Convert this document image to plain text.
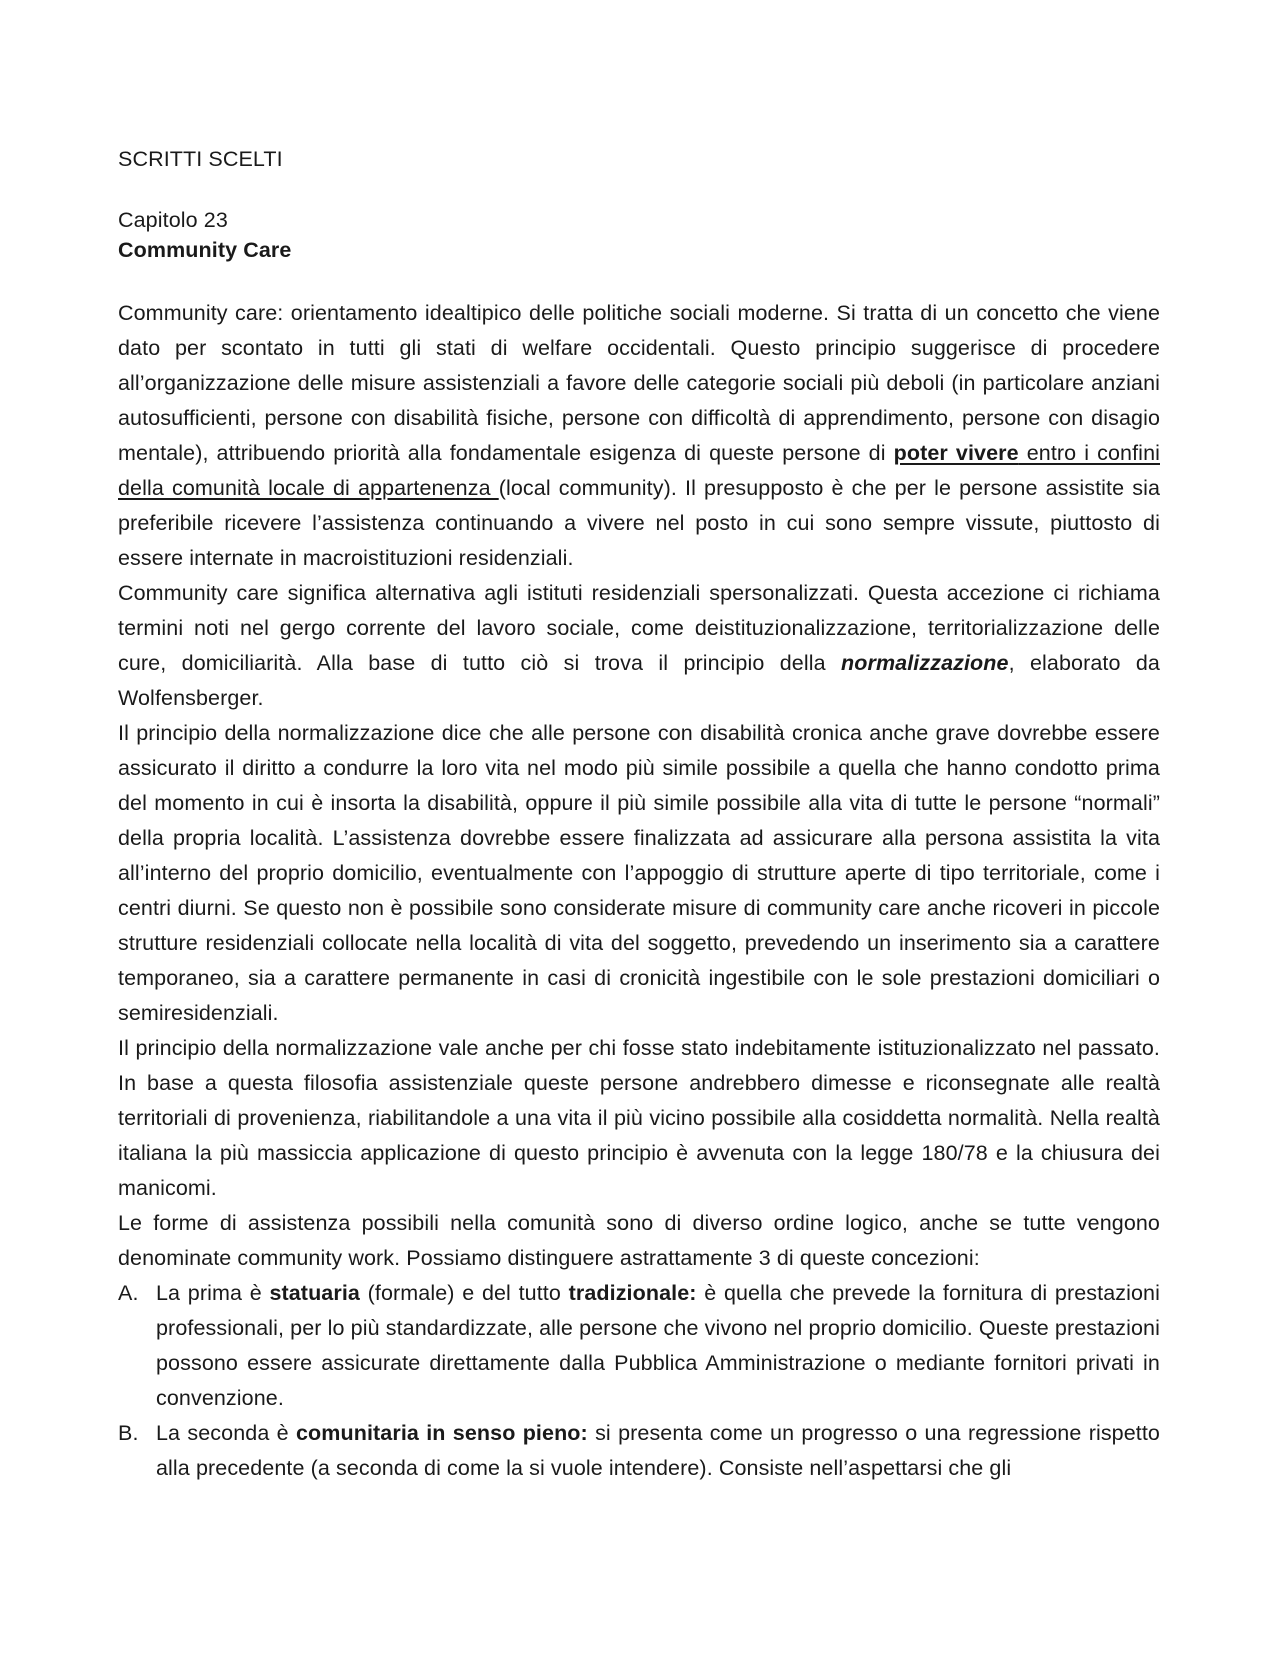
SCRITTI SCELTI
Capitolo 23
Community Care

Community care: orientamento idealtipico delle politiche sociali moderne. Si tratta di un concetto che viene dato per scontato in tutti gli stati di welfare occidentali. Questo principio suggerisce di procedere all’organizzazione delle misure assistenziali a favore delle categorie sociali più deboli (in particolare anziani autosufficienti, persone con disabilità fisiche, persone con difficoltà di apprendimento, persone con disagio mentale), attribuendo priorità alla fondamentale esigenza di queste persone di poter vivere entro i confini della comunità locale di appartenenza (local community). Il presupposto è che per le persone assistite sia preferibile ricevere l’assistenza continuando a vivere nel posto in cui sono sempre vissute, piuttosto di essere internate in macroistituzioni residenziali.

Community care significa alternativa agli istituti residenziali spersonalizzati. Questa accezione ci richiama termini noti nel gergo corrente del lavoro sociale, come deistituzionalizzazione, territorializzazione delle cure, domiciliarità. Alla base di tutto ciò si trova il principio della normalizzazione, elaborato da Wolfensberger.

Il principio della normalizzazione dice che alle persone con disabilità cronica anche grave dovrebbe essere assicurato il diritto a condurre la loro vita nel modo più simile possibile a quella che hanno condotto prima del momento in cui è insorta la disabilità, oppure il più simile possibile alla vita di tutte le persone “normali” della propria località. L’assistenza dovrebbe essere finalizzata ad assicurare alla persona assistita la vita all’interno del proprio domicilio, eventualmente con l’appoggio di strutture aperte di tipo territoriale, come i centri diurni. Se questo non è possibile sono considerate misure di community care anche ricoveri in piccole strutture residenziali collocate nella località di vita del soggetto, prevedendo un inserimento sia a carattere temporaneo, sia a carattere permanente in casi di cronicità ingestibile con le sole prestazioni domiciliari o semiresidenziali.

Il principio della normalizzazione vale anche per chi fosse stato indebitamente istituzionalizzato nel passato. In base a questa filosofia assistenziale queste persone andrebbero dimesse e riconsegnate alle realtà territoriali di provenienza, riabilitandole a una vita il più vicino possibile alla cosiddetta normalità. Nella realtà italiana la più massiccia applicazione di questo principio è avvenuta con la legge 180/78 e la chiusura dei manicomi.

Le forme di assistenza possibili nella comunità sono di diverso ordine logico, anche se tutte vengono denominate community work. Possiamo distinguere astrattamente 3 di queste concezioni:

A. La prima è statuaria (formale) e del tutto tradizionale: è quella che prevede la fornitura di prestazioni professionali, per lo più standardizzate, alle persone che vivono nel proprio domicilio. Queste prestazioni possono essere assicurate direttamente dalla Pubblica Amministrazione o mediante fornitori privati in convenzione.
B. La seconda è comunitaria in senso pieno: si presenta come un progresso o una regressione rispetto alla precedente (a seconda di come la si vuole intendere). Consiste nell’aspettarsi che gli
